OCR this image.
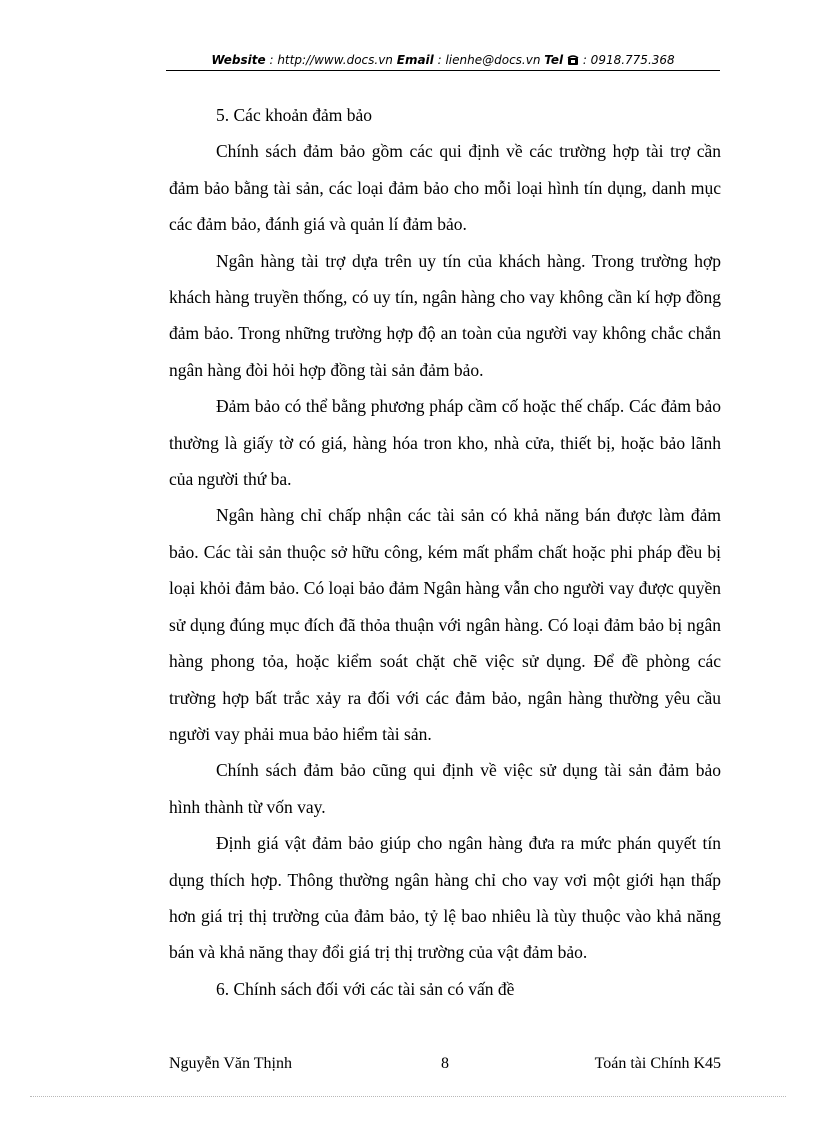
Website : http://www.docs.vn Email : lienhe@docs.vn Tel : 0918.775.368

5. Các khoản đảm bảo

Chính sách đảm bảo gồm các qui định về các trường hợp tài trợ cần đảm bảo bằng tài sản, các loại đảm bảo cho mỗi loại hình tín dụng, danh mục các đảm bảo, đánh giá và quản lí đảm bảo.

Ngân hàng tài trợ dựa trên uy tín của khách hàng. Trong trường hợp khách hàng truyền thống, có uy tín, ngân hàng cho vay không cần kí hợp đồng đảm bảo. Trong những trường hợp độ an toàn của người vay không chắc chắn ngân hàng đòi hỏi hợp đồng tài sản đảm bảo.

Đảm bảo có thể bằng phương pháp cầm cố hoặc thế chấp. Các đảm bảo thường là giấy tờ có giá, hàng hóa tron kho, nhà cửa, thiết bị, hoặc bảo lãnh của người thứ ba.

Ngân hàng chỉ chấp nhận các tài sản có khả năng bán được làm đảm bảo. Các tài sản thuộc sở hữu công, kém mất phẩm chất hoặc phi pháp đều bị loại khỏi đảm bảo. Có loại bảo đảm Ngân hàng vẫn cho người vay được quyền sử dụng đúng mục đích đã thỏa thuận với ngân hàng. Có loại đảm bảo bị ngân hàng phong tỏa, hoặc kiểm soát chặt chẽ việc sử dụng. Để đề phòng các trường hợp bất trắc xảy ra đối với các đảm bảo, ngân hàng thường yêu cầu người vay phải mua bảo hiểm tài sản.

Chính sách đảm bảo cũng qui định về việc sử dụng tài sản đảm bảo hình thành từ vốn vay.

Định giá vật đảm bảo giúp cho ngân hàng đưa ra mức phán quyết tín dụng thích hợp. Thông thường ngân hàng chỉ cho vay vơi một giới hạn thấp hơn giá trị thị trường của đảm bảo, tỷ lệ bao nhiêu là tùy thuộc vào khả năng bán và khả năng thay đổi giá trị thị trường của vật đảm bảo.

6. Chính sách đối với các tài sản có vấn đề

Nguyễn Văn Thịnh	8	Toán tài Chính K45
